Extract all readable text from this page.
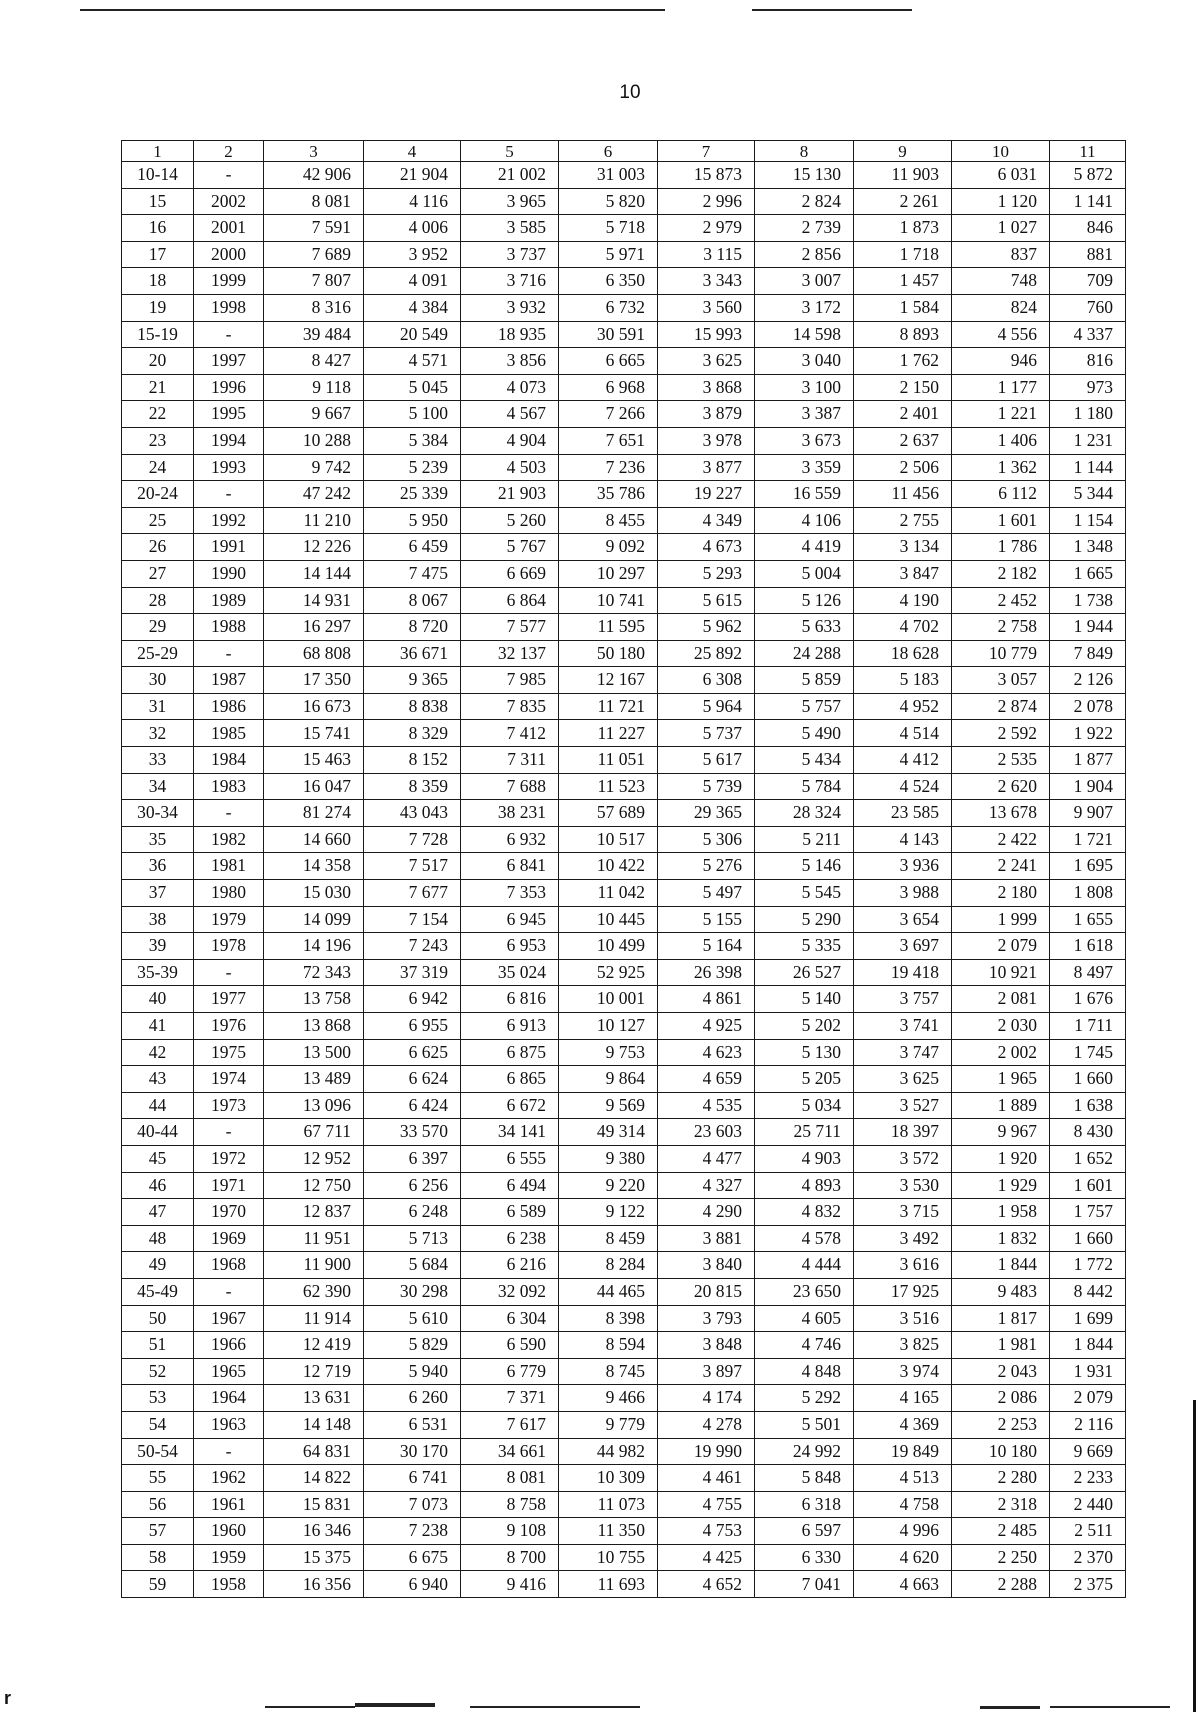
10
1	2	3	4	5	6	7	8	9	10	11
10-14	-	42 906	21 904	21 002	31 003	15 873	15 130	11 903	6 031	5 872
15	2002	8 081	4 116	3 965	5 820	2 996	2 824	2 261	1 120	1 141
16	2001	7 591	4 006	3 585	5 718	2 979	2 739	1 873	1 027	846
17	2000	7 689	3 952	3 737	5 971	3 115	2 856	1 718	837	881
18	1999	7 807	4 091	3 716	6 350	3 343	3 007	1 457	748	709
19	1998	8 316	4 384	3 932	6 732	3 560	3 172	1 584	824	760
15-19	-	39 484	20 549	18 935	30 591	15 993	14 598	8 893	4 556	4 337
20	1997	8 427	4 571	3 856	6 665	3 625	3 040	1 762	946	816
21	1996	9 118	5 045	4 073	6 968	3 868	3 100	2 150	1 177	973
22	1995	9 667	5 100	4 567	7 266	3 879	3 387	2 401	1 221	1 180
23	1994	10 288	5 384	4 904	7 651	3 978	3 673	2 637	1 406	1 231
24	1993	9 742	5 239	4 503	7 236	3 877	3 359	2 506	1 362	1 144
20-24	-	47 242	25 339	21 903	35 786	19 227	16 559	11 456	6 112	5 344
25	1992	11 210	5 950	5 260	8 455	4 349	4 106	2 755	1 601	1 154
26	1991	12 226	6 459	5 767	9 092	4 673	4 419	3 134	1 786	1 348
27	1990	14 144	7 475	6 669	10 297	5 293	5 004	3 847	2 182	1 665
28	1989	14 931	8 067	6 864	10 741	5 615	5 126	4 190	2 452	1 738
29	1988	16 297	8 720	7 577	11 595	5 962	5 633	4 702	2 758	1 944
25-29	-	68 808	36 671	32 137	50 180	25 892	24 288	18 628	10 779	7 849
30	1987	17 350	9 365	7 985	12 167	6 308	5 859	5 183	3 057	2 126
31	1986	16 673	8 838	7 835	11 721	5 964	5 757	4 952	2 874	2 078
32	1985	15 741	8 329	7 412	11 227	5 737	5 490	4 514	2 592	1 922
33	1984	15 463	8 152	7 311	11 051	5 617	5 434	4 412	2 535	1 877
34	1983	16 047	8 359	7 688	11 523	5 739	5 784	4 524	2 620	1 904
30-34	-	81 274	43 043	38 231	57 689	29 365	28 324	23 585	13 678	9 907
35	1982	14 660	7 728	6 932	10 517	5 306	5 211	4 143	2 422	1 721
36	1981	14 358	7 517	6 841	10 422	5 276	5 146	3 936	2 241	1 695
37	1980	15 030	7 677	7 353	11 042	5 497	5 545	3 988	2 180	1 808
38	1979	14 099	7 154	6 945	10 445	5 155	5 290	3 654	1 999	1 655
39	1978	14 196	7 243	6 953	10 499	5 164	5 335	3 697	2 079	1 618
35-39	-	72 343	37 319	35 024	52 925	26 398	26 527	19 418	10 921	8 497
40	1977	13 758	6 942	6 816	10 001	4 861	5 140	3 757	2 081	1 676
41	1976	13 868	6 955	6 913	10 127	4 925	5 202	3 741	2 030	1 711
42	1975	13 500	6 625	6 875	9 753	4 623	5 130	3 747	2 002	1 745
43	1974	13 489	6 624	6 865	9 864	4 659	5 205	3 625	1 965	1 660
44	1973	13 096	6 424	6 672	9 569	4 535	5 034	3 527	1 889	1 638
40-44	-	67 711	33 570	34 141	49 314	23 603	25 711	18 397	9 967	8 430
45	1972	12 952	6 397	6 555	9 380	4 477	4 903	3 572	1 920	1 652
46	1971	12 750	6 256	6 494	9 220	4 327	4 893	3 530	1 929	1 601
47	1970	12 837	6 248	6 589	9 122	4 290	4 832	3 715	1 958	1 757
48	1969	11 951	5 713	6 238	8 459	3 881	4 578	3 492	1 832	1 660
49	1968	11 900	5 684	6 216	8 284	3 840	4 444	3 616	1 844	1 772
45-49	-	62 390	30 298	32 092	44 465	20 815	23 650	17 925	9 483	8 442
50	1967	11 914	5 610	6 304	8 398	3 793	4 605	3 516	1 817	1 699
51	1966	12 419	5 829	6 590	8 594	3 848	4 746	3 825	1 981	1 844
52	1965	12 719	5 940	6 779	8 745	3 897	4 848	3 974	2 043	1 931
53	1964	13 631	6 260	7 371	9 466	4 174	5 292	4 165	2 086	2 079
54	1963	14 148	6 531	7 617	9 779	4 278	5 501	4 369	2 253	2 116
50-54	-	64 831	30 170	34 661	44 982	19 990	24 992	19 849	10 180	9 669
55	1962	14 822	6 741	8 081	10 309	4 461	5 848	4 513	2 280	2 233
56	1961	15 831	7 073	8 758	11 073	4 755	6 318	4 758	2 318	2 440
57	1960	16 346	7 238	9 108	11 350	4 753	6 597	4 996	2 485	2 511
58	1959	15 375	6 675	8 700	10 755	4 425	6 330	4 620	2 250	2 370
59	1958	16 356	6 940	9 416	11 693	4 652	7 041	4 663	2 288	2 375
r
